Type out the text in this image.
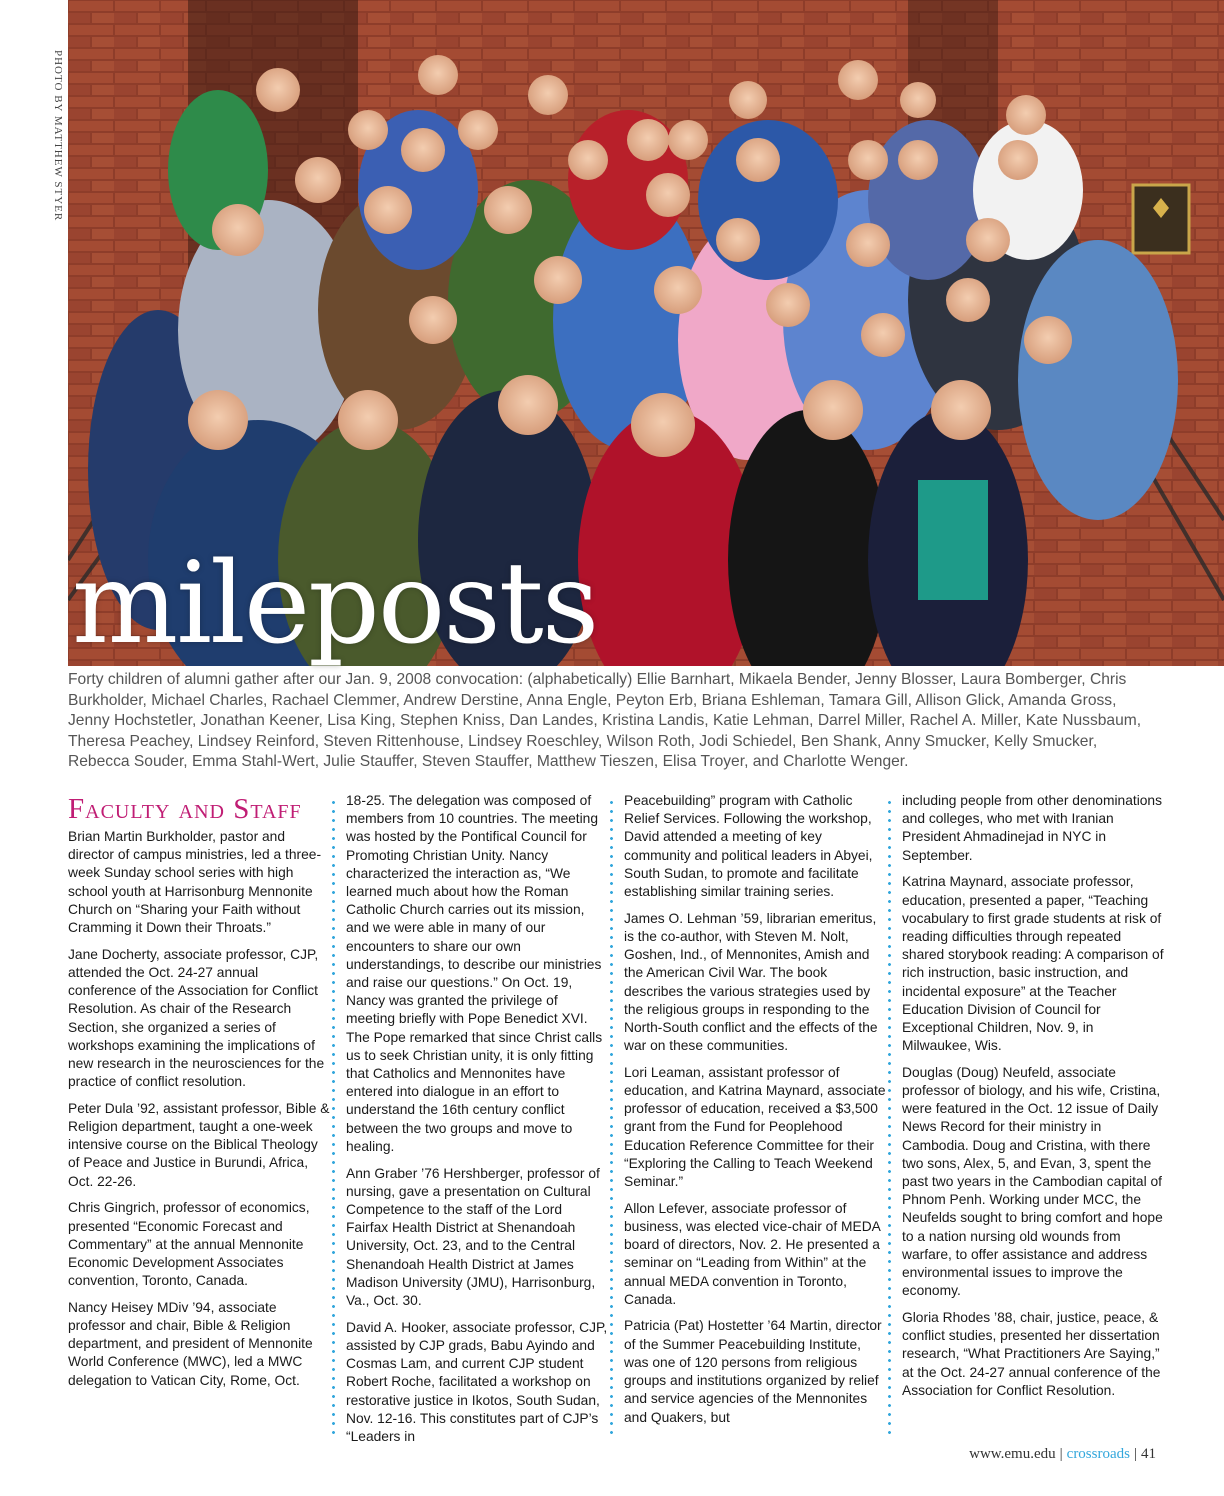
PHOTO BY MATTHEW STYER
mileposts
Forty children of alumni gather after our Jan. 9, 2008 convocation: (alphabetically) Ellie Barnhart, Mikaela Bender, Jenny Blosser, Laura Bomberger, Chris Burkholder, Michael Charles, Rachael Clemmer, Andrew Derstine, Anna Engle, Peyton Erb, Briana Eshleman, Tamara Gill, Allison Glick, Amanda Gross, Jenny Hochstetler, Jonathan Keener, Lisa King, Stephen Kniss, Dan Landes, Kristina Landis, Katie Lehman, Darrel Miller, Rachel A. Miller, Kate Nussbaum, Theresa Peachey, Lindsey Reinford, Steven Rittenhouse, Lindsey Roeschley, Wilson Roth, Jodi Schiedel, Ben Shank, Anny Smucker, Kelly Smucker, Rebecca Souder, Emma Stahl-Wert, Julie Stauffer, Steven Stauffer, Matthew Tieszen, Elisa Troyer, and Charlotte Wenger.
Faculty and Staff

Brian Martin Burkholder, pastor and director of campus ministries, led a three-week Sunday school series with high school youth at Harrisonburg Mennonite Church on “Sharing your Faith without Cramming it Down their Throats.”

Jane Docherty, associate professor, CJP, attended the Oct. 24-27 annual conference of the Association for Conflict Resolution. As chair of the Research Section, she organized a series of workshops examining the implications of new research in the neurosciences for the practice of conflict resolution.

Peter Dula ’92, assistant professor, Bible & Religion department, taught a one-week intensive course on the Biblical Theology of Peace and Justice in Burundi, Africa, Oct. 22-26.

Chris Gingrich, professor of economics, presented “Economic Forecast and Commentary” at the annual Mennonite Economic Development Associates convention, Toronto, Canada.

Nancy Heisey MDiv ’94, associate professor and chair, Bible & Religion department, and president of Mennonite World Conference (MWC), led a MWC delegation to Vatican City, Rome, Oct.

18-25. The delegation was composed of members from 10 countries. The meeting was hosted by the Pontifical Council for Promoting Christian Unity. Nancy characterized the interaction as, “We learned much about how the Roman Catholic Church carries out its mission, and we were able in many of our encounters to share our own understandings, to describe our ministries and raise our questions.” On Oct. 19, Nancy was granted the privilege of meeting briefly with Pope Benedict XVI. The Pope remarked that since Christ calls us to seek Christian unity, it is only fitting that Catholics and Mennonites have entered into dialogue in an effort to understand the 16th century conflict between the two groups and move to healing.

Ann Graber ’76 Hershberger, professor of nursing, gave a presentation on Cultural Competence to the staff of the Lord Fairfax Health District at Shenandoah University, Oct. 23, and to the Central Shenandoah Health District at James Madison University (JMU), Harrisonburg, Va., Oct. 30.

David A. Hooker, associate professor, CJP, assisted by CJP grads, Babu Ayindo and Cosmas Lam, and current CJP student Robert Roche, facilitated a workshop on restorative justice in Ikotos, South Sudan, Nov. 12-16. This constitutes part of CJP’s “Leaders in

Peacebuilding” program with Catholic Relief Services. Following the workshop, David attended a meeting of key community and political leaders in Abyei, South Sudan, to promote and facilitate establishing similar training series.

James O. Lehman ’59, librarian emeritus, is the co-author, with Steven M. Nolt, Goshen, Ind., of Mennonites, Amish and the American Civil War. The book describes the various strategies used by the religious groups in responding to the North-South conflict and the effects of the war on these communities.

Lori Leaman, assistant professor of education, and Katrina Maynard, associate professor of education, received a $3,500 grant from the Fund for Peoplehood Education Reference Committee for their “Exploring the Calling to Teach Weekend Seminar.”

Allon Lefever, associate professor of business, was elected vice-chair of MEDA board of directors, Nov. 2. He presented a seminar on “Leading from Within” at the annual MEDA convention in Toronto, Canada.

Patricia (Pat) Hostetter ’64 Martin, director of the Summer Peacebuilding Institute, was one of 120 persons from religious groups and institutions organized by relief and service agencies of the Mennonites and Quakers, but

including people from other denominations and colleges, who met with Iranian President Ahmadinejad in NYC in September.

Katrina Maynard, associate professor, education, presented a paper, “Teaching vocabulary to first grade students at risk of reading difficulties through repeated shared storybook reading: A comparison of rich instruction, basic instruction, and incidental exposure” at the Teacher Education Division of Council for Exceptional Children, Nov. 9, in Milwaukee, Wis.

Douglas (Doug) Neufeld, associate professor of biology, and his wife, Cristina, were featured in the Oct. 12 issue of Daily News Record for their ministry in Cambodia. Doug and Cristina, with there two sons, Alex, 5, and Evan, 3, spent the past two years in the Cambodian capital of Phnom Penh. Working under MCC, the Neufelds sought to bring comfort and hope to a nation nursing old wounds from warfare, to offer assistance and address environmental issues to improve the economy.

Gloria Rhodes ’88, chair, justice, peace, & conflict studies, presented her dissertation research, “What Practitioners Are Saying,” at the Oct. 24-27 annual conference of the Association for Conflict Resolution.

www.emu.edu | crossroads | 41
